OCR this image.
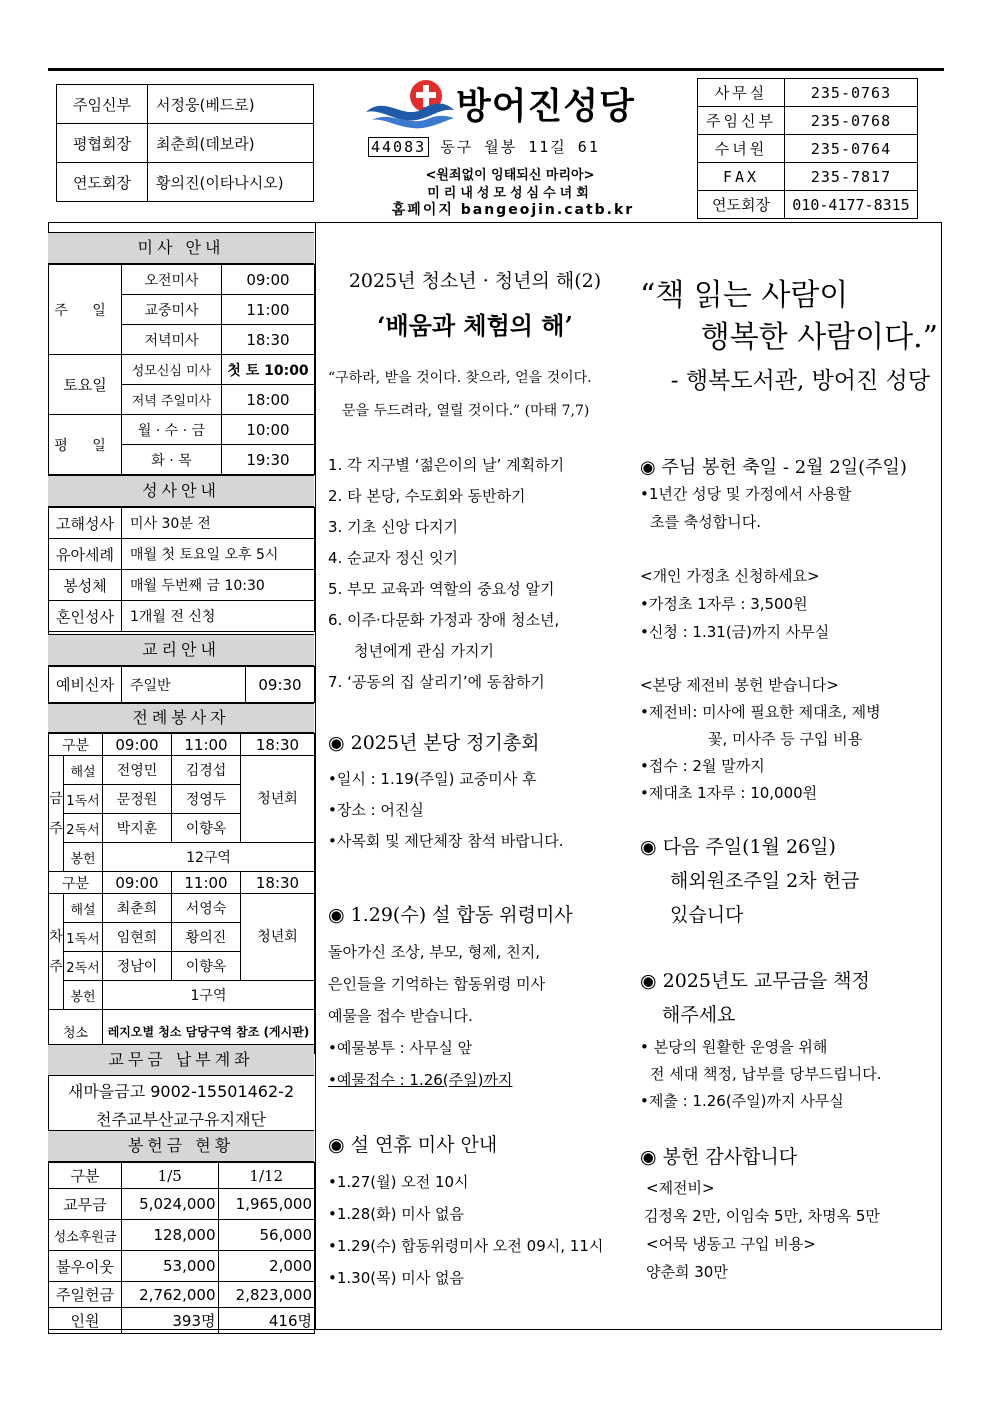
주임신부	서정웅(베드로)
평협회장	최춘희(데보라)
연도회장	황의진(이타나시오)
방어진성당
44083 동구 월봉 11길 61
<원죄없이 잉태되신 마리아>
미리내성모성심수녀회
홈페이지 bangeojin.catb.kr
사무실	235-0763
주임신부	235-0768
수녀원	235-0764
FAX	235-7817
연도회장	010-4177-8315
미사 안내
주 일	오전미사	09:00
	교중미사	11:00
	저녁미사	18:30
토요일	성모신심 미사	첫 토 10:00
	저녁 주일미사	18:00
평 일	월 · 수 · 금	10:00
	화 · 목	19:30
성사안내
고해성사	미사 30분 전
유아세례	매월 첫 토요일 오후 5시
봉성체	매월 두번째 금 10:30
혼인성사	1개월 전 신청
교리안내
예비신자	주일반	09:30
전례봉사자
구분		09:00	11:00	18:30
금주	해설	전영민	김경섭	청년회
	1독서	문정원	정영두	
	2독서	박지훈	이향옥	
	봉헌	12구역		
구분		09:00	11:00	18:30
차주	해설	최춘희	서영숙	청년회
	1독서	임현희	황의진	
	2독서	정남이	이향옥	
	봉헌	1구역		
청소		레지오별 청소 담당구역 참조 (게시판)		
교무금 납부계좌
새마을금고 9002-15501462-2
천주교부산교구유지재단
봉헌금 현황
구분	1/5	1/12
교무금	5,024,000	1,965,000
성소후원금	128,000	56,000
불우이웃	53,000	2,000
주일헌금	2,762,000	2,823,000
인원	393명	416명
2025년 청소년 · 청년의 해(2)
‘배움과 체험의 해’
“구하라, 받을 것이다. 찾으라, 얻을 것이다.
문을 두드려라, 열릴 것이다.” (마태 7,7)
1. 각 지구별 ‘젊은이의 날’ 계획하기
2. 타 본당, 수도회와 동반하기
3. 기초 신앙 다지기
4. 순교자 정신 잇기
5. 부모 교육과 역할의 중요성 알기
6. 이주·다문화 가정과 장애 청소년,
청년에게 관심 가지기
7. ‘공동의 집 살리기’에 동참하기
◉ 2025년 본당 정기총회
•일시 : 1.19(주일) 교중미사 후
•장소 : 어진실
•사목회 및 제단체장 참석 바랍니다.
◉ 1.29(수) 설 합동 위령미사
돌아가신 조상, 부모, 형제, 친지,
은인들을 기억하는 합동위령 미사
예물을 접수 받습니다.
•예물봉투 : 사무실 앞
•예물접수 : 1.26(주일)까지
◉ 설 연휴 미사 안내
•1.27(월) 오전 10시
•1.28(화) 미사 없음
•1.29(수) 합동위령미사 오전 09시, 11시
•1.30(목) 미사 없음
“책 읽는 사람이
행복한 사람이다.”
- 행복도서관, 방어진 성당
◉ 주님 봉헌 축일 - 2월 2일(주일)
•1년간 성당 및 가정에서 사용할
초를 축성합니다.
<개인 가정초 신청하세요>
•가정초 1자루 : 3,500원
•신청 : 1.31(금)까지 사무실
<본당 제전비 봉헌 받습니다>
•제전비: 미사에 필요한 제대초, 제병
꽃, 미사주 등 구입 비용
•접수 : 2월 말까지
•제대초 1자루 : 10,000원
◉ 다음 주일(1월 26일)
해외원조주일 2차 헌금
있습니다
◉ 2025년도 교무금을 책정
해주세요
• 본당의 원활한 운영을 위해
전 세대 책정, 납부를 당부드립니다.
•제출 : 1.26(주일)까지 사무실
◉ 봉헌 감사합니다
<제전비>
김정옥 2만, 이임숙 5만, 차명옥 5만
<어묵 냉동고 구입 비용>
양춘희 30만
